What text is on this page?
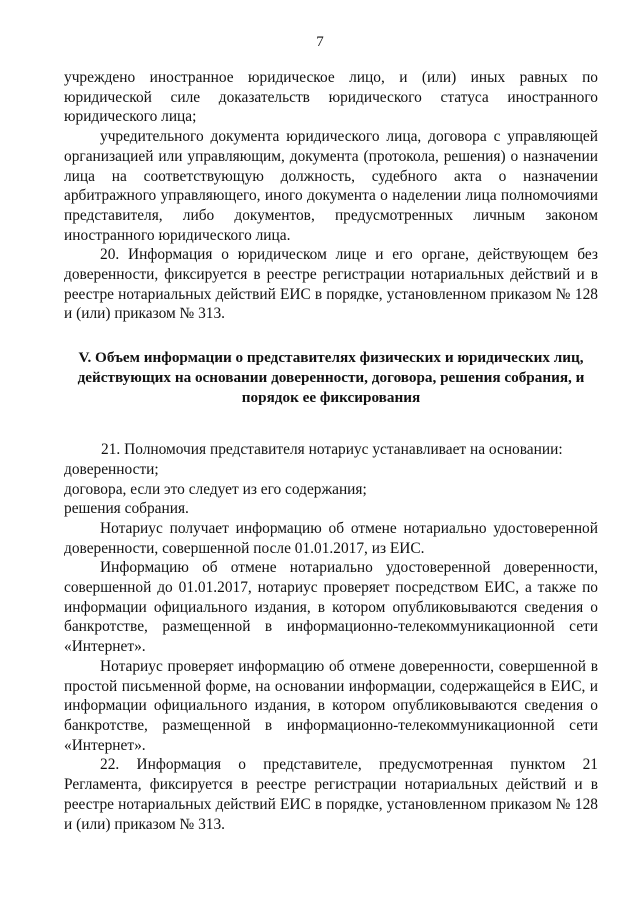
7

учреждено иностранное юридическое лицо, и (или) иных равных по юридической силе доказательств юридического статуса иностранного юридического лица;

учредительного документа юридического лица, договора с управляющей организацией или управляющим, документа (протокола, решения) о назначении лица на соответствующую должность, судебного акта о назначении арбитражного управляющего, иного документа о наделении лица полномочиями представителя, либо документов, предусмотренных личным законом иностранного юридического лица.

20. Информация о юридическом лице и его органе, действующем без доверенности, фиксируется в реестре регистрации нотариальных действий и в реестре нотариальных действий ЕИС в порядке, установленном приказом № 128 и (или) приказом № 313.

V. Объем информации о представителях физических и юридических лиц, действующих на основании доверенности, договора, решения собрания, и порядок ее фиксирования

21. Полномочия представителя нотариус устанавливает на основании:

доверенности;

договора, если это следует из его содержания;

решения собрания.

Нотариус получает информацию об отмене нотариально удостоверенной доверенности, совершенной после 01.01.2017, из ЕИС.

Информацию об отмене нотариально удостоверенной доверенности, совершенной до 01.01.2017, нотариус проверяет посредством ЕИС, а также по информации официального издания, в котором опубликовываются сведения о банкротстве, размещенной в информационно-телекоммуникационной сети «Интернет».

Нотариус проверяет информацию об отмене доверенности, совершенной в простой письменной форме, на основании информации, содержащейся в ЕИС, и информации официального издания, в котором опубликовываются сведения о банкротстве, размещенной в информационно-телекоммуникационной сети «Интернет».

22. Информация о представителе, предусмотренная пунктом 21 Регламента, фиксируется в реестре регистрации нотариальных действий и в реестре нотариальных действий ЕИС в порядке, установленном приказом № 128 и (или) приказом № 313.
